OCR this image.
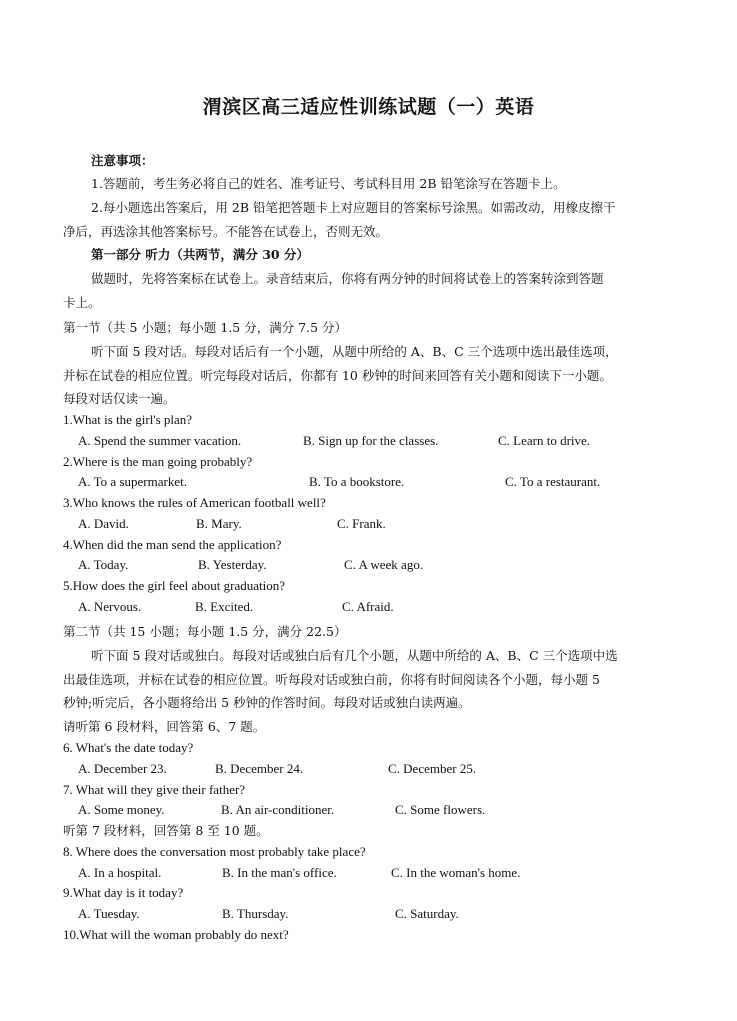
渭滨区高三适应性训练试题（一）英语
注意事项：
1.答题前，考生务必将自己的姓名、准考证号、考试科目用 2B 铅笔涂写在答题卡上。
2.每小题选出答案后，用 2B 铅笔把答题卡上对应题目的答案标号涂黑。如需改动，用橡皮擦干
净后，再选涂其他答案标号。不能答在试卷上，否则无效。
第一部分 听力（共两节，满分 30 分）
做题时，先将答案标在试卷上。录音结束后，你将有两分钟的时间将试卷上的答案转涂到答题
卡上。
第一节（共 5 小题；每小题 1.5 分，满分 7.5 分）
听下面 5 段对话。每段对话后有一个小题，从题中所给的 A、B、C 三个选项中选出最佳选项，
并标在试卷的相应位置。听完每段对话后，你都有 10 秒钟的时间来回答有关小题和阅读下一小题。
每段对话仅读一遍。
1.What is the girl's plan?
A. Spend the summer vacation.	B. Sign up for the classes.	C. Learn to drive.
2.Where is the man going probably?
A. To a supermarket.	B. To a bookstore.	C. To a restaurant.
3.Who knows the rules of American football well?
A. David.	B. Mary.	C. Frank.
4.When did the man send the application?
A. Today.	B. Yesterday.	C. A week ago.
5.How does the girl feel about graduation?
A. Nervous.	B. Excited.	C. Afraid.
第二节（共 15 小题；每小题 1.5 分，满分 22.5）
听下面 5 段对话或独白。每段对话或独白后有几个小题，从题中所给的 A、B、C 三个选项中选
出最佳选项，并标在试卷的相应位置。听每段对话或独白前，你将有时间阅读各个小题，每小题 5
秒钟;听完后，各小题将给出 5 秒钟的作答时间。每段对话或独白读两遍。
请听第 6 段材料，回答第 6、7 题。
6. What's the date today?
A. December 23.	B. December 24.	C. December 25.
7. What will they give their father?
A. Some money.	B. An air-conditioner.	C. Some flowers.
听第 7 段材料，回答第 8 至 10 题。
8. Where does the conversation most probably take place?
A. In a hospital.	B. In the man's office.	C. In the woman's home.
9.What day is it today?
A. Tuesday.	B. Thursday.	C. Saturday.
10.What will the woman probably do next?
